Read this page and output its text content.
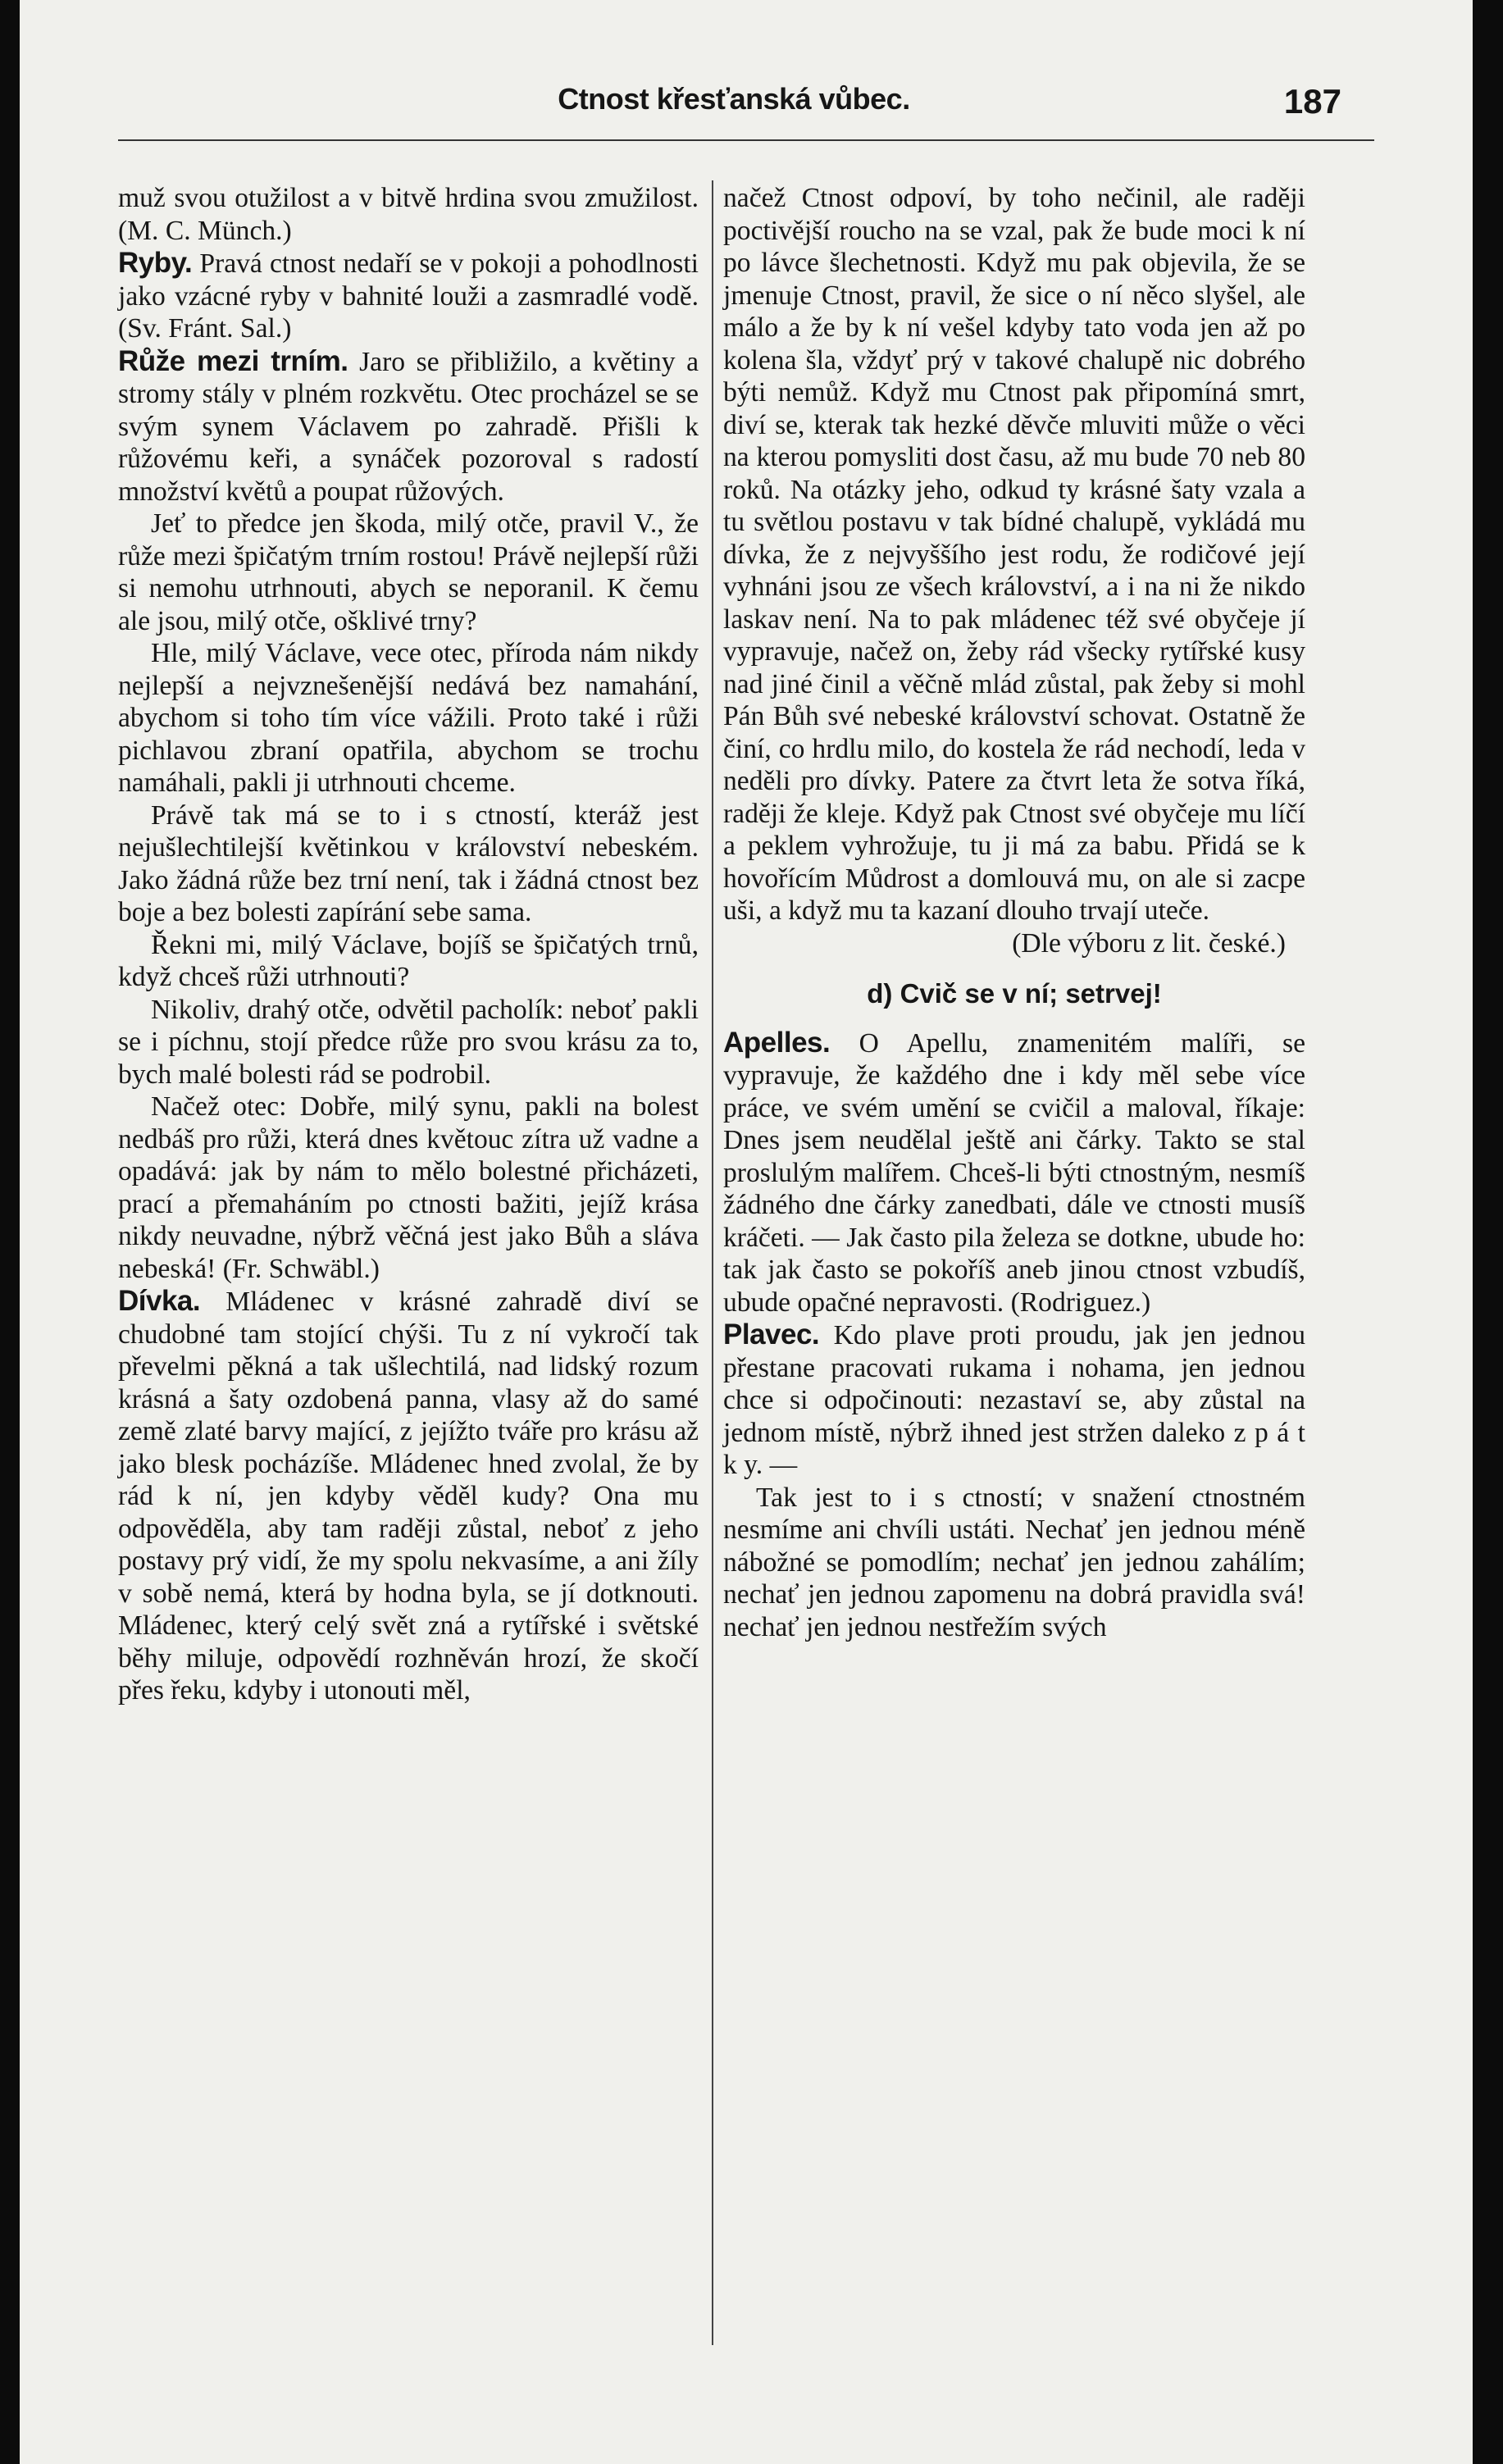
Ctnost křesťanská vůbec.	187

muž svou otužilost a v bitvě hrdina svou zmužilost. (M. C. Münch.)

Ryby. Pravá ctnost nedaří se v pokoji a pohodlnosti jako vzácné ryby v bahnité louži a zasmradlé vodě. (Sv. Fránt. Sal.)

Růže mezi trním. Jaro se přibližilo, a květiny a stromy stály v plném rozkvětu. Otec procházel se se svým synem Václavem po zahradě. Přišli k růžovému keři, a synáček pozoroval s radostí množství květů a poupat růžových.

Jeť to předce jen škoda, milý otče, pravil V., že růže mezi špičatým trním rostou! Právě nejlepší růži si nemohu utrhnouti, abych se neporanil. K čemu ale jsou, milý otče, ošklivé trny?

Hle, milý Václave, vece otec, příroda nám nikdy nejlepší a nejvznešenější nedává bez namahání, abychom si toho tím více vážili. Proto také i růži pichlavou zbraní opatřila, abychom se trochu namáhali, pakli ji utrhnouti chceme.

Právě tak má se to i s ctností, kteráž jest nejušlechtilejší květinkou v království nebeském. Jako žádná růže bez trní není, tak i žádná ctnost bez boje a bez bolesti zapírání sebe sama.

Řekni mi, milý Václave, bojíš se špičatých trnů, když chceš růži utrhnouti?

Nikoliv, drahý otče, odvětil pacholík: neboť pakli se i píchnu, stojí předce růže pro svou krásu za to, bych malé bolesti rád se podrobil.

Načež otec: Dobře, milý synu, pakli na bolest nedbáš pro růži, která dnes květouc zítra už vadne a opadává: jak by nám to mělo bolestné přicházeti, prací a přemaháním po ctnosti bažiti, jejíž krása nikdy neuvadne, nýbrž věčná jest jako Bůh a sláva nebeská! (Fr. Schwäbl.)

Dívka. Mládenec v krásné zahradě diví se chudobné tam stojící chýši. Tu z ní vykročí tak převelmi pěkná a tak ušlechtilá, nad lidský rozum krásná a šaty ozdobená panna, vlasy až do samé země zlaté barvy mající, z jejížto tváře pro krásu až jako blesk pocházíše. Mládenec hned zvolal, že by rád k ní, jen kdyby věděl kudy? Ona mu odpověděla, aby tam raději zůstal, neboť z jeho postavy prý vidí, že my spolu nekvasíme, a ani žíly v sobě nemá, která by hodna byla, se jí dotknouti. Mládenec, který celý svět zná a rytířské i světské běhy miluje, odpovědí rozhněván hrozí, že skočí přes řeku, kdyby i utonouti měl,

načež Ctnost odpoví, by toho nečinil, ale raději poctivější roucho na se vzal, pak že bude moci k ní po lávce šlechetnosti. Když mu pak objevila, že se jmenuje Ctnost, pravil, že sice o ní něco slyšel, ale málo a že by k ní vešel kdyby tato voda jen až po kolena šla, vždyť prý v takové chalupě nic dobrého býti nemůž. Když mu Ctnost pak připomíná smrt, diví se, kterak tak hezké děvče mluviti může o věci na kterou pomysliti dost času, až mu bude 70 neb 80 roků. Na otázky jeho, odkud ty krásné šaty vzala a tu světlou postavu v tak bídné chalupě, vykládá mu dívka, že z nejvyššího jest rodu, že rodičové její vyhnáni jsou ze všech království, a i na ni že nikdo laskav není. Na to pak mládenec též své obyčeje jí vypravuje, načež on, žeby rád všecky rytířské kusy nad jiné činil a věčně mlád zůstal, pak žeby si mohl Pán Bůh své nebeské království schovat. Ostatně že činí, co hrdlu milo, do kostela že rád nechodí, leda v neděli pro dívky. Patere za čtvrt leta že sotva říká, raději že kleje. Když pak Ctnost své obyčeje mu líčí a peklem vyhrožuje, tu ji má za babu. Přidá se k hovořícím Můdrost a domlouvá mu, on ale si zacpe uši, a když mu ta kazaní dlouho trvají uteče.

(Dle výboru z lit. české.)

d) Cvič se v ní; setrvej!

Apelles. O Apellu, znamenitém malíři, se vypravuje, že každého dne i kdy měl sebe více práce, ve svém umění se cvičil a maloval, říkaje: Dnes jsem neudělal ještě ani čárky. Takto se stal proslulým malířem. Chceš-li býti ctnostným, nesmíš žádného dne čárky zanedbati, dále ve ctnosti musíš kráčeti. — Jak často pila železa se dotkne, ubude ho: tak jak často se pokoříš aneb jinou ctnost vzbudíš, ubude opačné nepravosti. (Rodriguez.)

Plavec. Kdo plave proti proudu, jak jen jednou přestane pracovati rukama i nohama, jen jednou chce si odpočinouti: nezastaví se, aby zůstal na jednom místě, nýbrž ihned jest stržen daleko z p á t k y. —

Tak jest to i s ctností; v snažení ctnostném nesmíme ani chvíli ustáti. Nechať jen jednou méně nábožné se pomodlím; nechať jen jednou zahálím; nechať jen jednou zapomenu na dobrá pravidla svá! nechať jen jednou nestřežím svých
